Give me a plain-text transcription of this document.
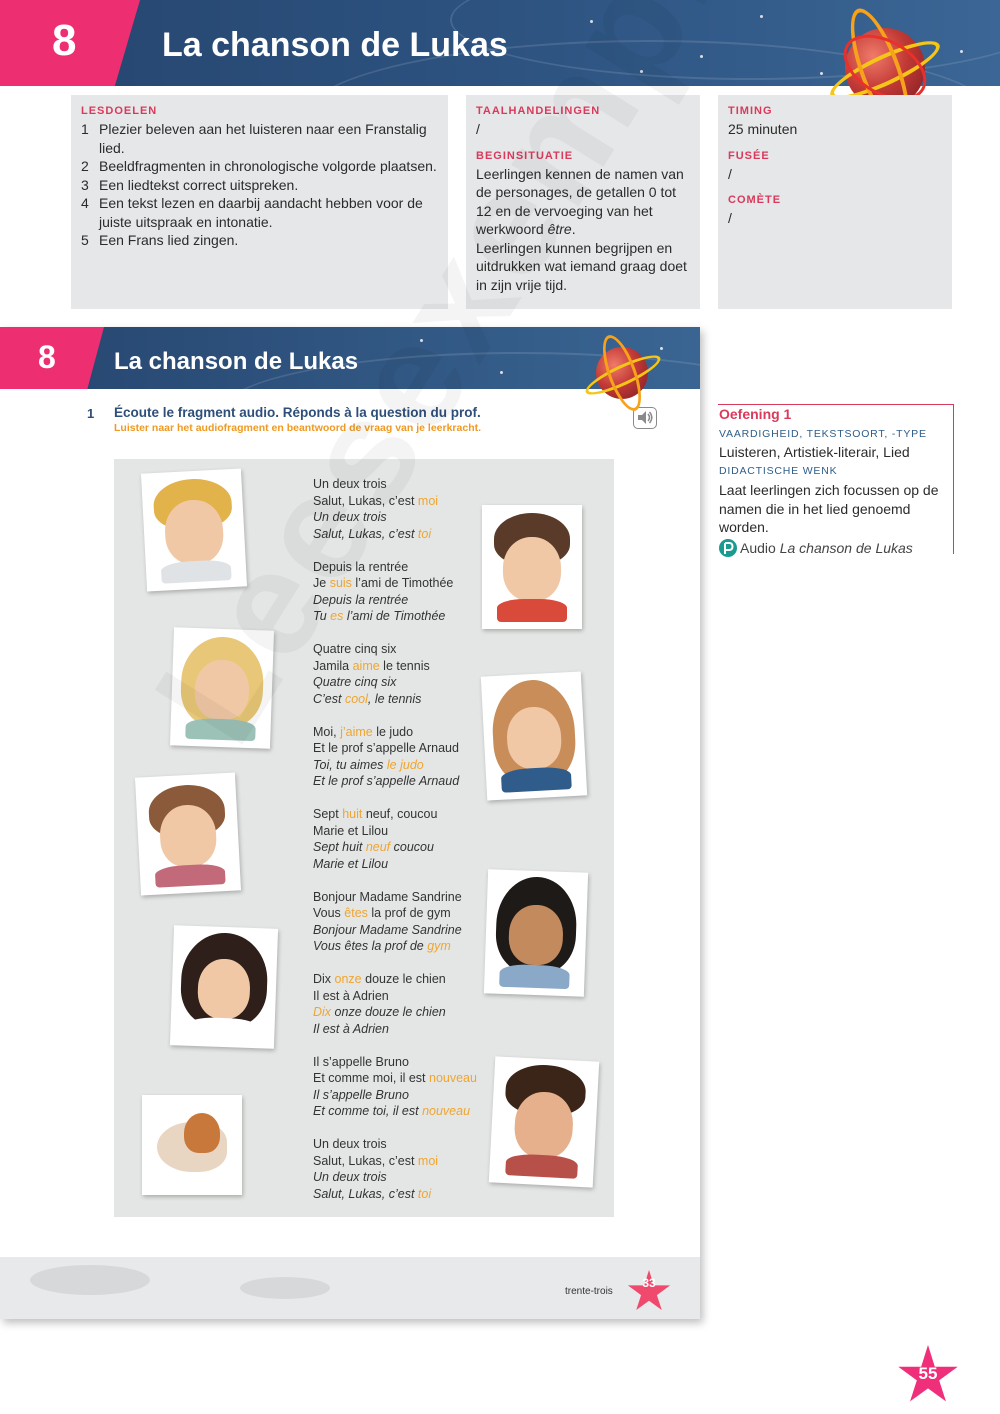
8	La chanson de Lukas
LESDOELEN
1 Plezier beleven aan het luisteren naar een Franstalig lied.
2 Beeldfragmenten in chronologische volgorde plaatsen.
3 Een liedtekst correct uitspreken.
4 Een tekst lezen en daarbij aandacht hebben voor de juiste uitspraak en intonatie.
5 Een Frans lied zingen.
TAALHANDELINGEN
/
BEGINSITUATIE
Leerlingen kennen de namen van de personages, de getallen 0 tot 12 en de vervoeging van het werkwoord être.
Leerlingen kunnen begrijpen en uitdrukken wat iemand graag doet in zijn vrije tijd.
TIMING
25 minuten
FUSÉE
/
COMÈTE
/
8 La chanson de Lukas
1 Écoute le fragment audio. Réponds à la question du prof.
Luister naar het audiofragment en beantwoord de vraag van je leerkracht.
Un deux trois
Salut, Lukas, c’est moi
Un deux trois
Salut, Lukas, c’est toi
Depuis la rentrée
Je suis l’ami de Timothée
Depuis la rentrée
Tu es l’ami de Timothée
Quatre cinq six
Jamila aime le tennis
Quatre cinq six
C’est cool, le tennis
Moi, j’aime le judo
Et le prof s’appelle Arnaud
Toi, tu aimes le judo
Et le prof s’appelle Arnaud
Sept huit neuf, coucou
Marie et Lilou
Sept huit neuf coucou
Marie et Lilou
Bonjour Madame Sandrine
Vous êtes la prof de gym
Bonjour Madame Sandrine
Vous êtes la prof de gym
Dix onze douze le chien
Il est à Adrien
Dix onze douze le chien
Il est à Adrien
Il s’appelle Bruno
Et comme moi, il est nouveau
Il s’appelle Bruno
Et comme toi, il est nouveau
Un deux trois
Salut, Lukas, c’est moi
Un deux trois
Salut, Lukas, c’est toi
trente-trois
33
Oefening 1
VAARDIGHEID, TEKSTSOORT, -TYPE
Luisteren, Artistiek-literair, Lied
DIDACTISCHE WENK
Laat leerlingen zich focussen op de namen die in het lied genoemd worden.
Audio La chanson de Lukas
55
